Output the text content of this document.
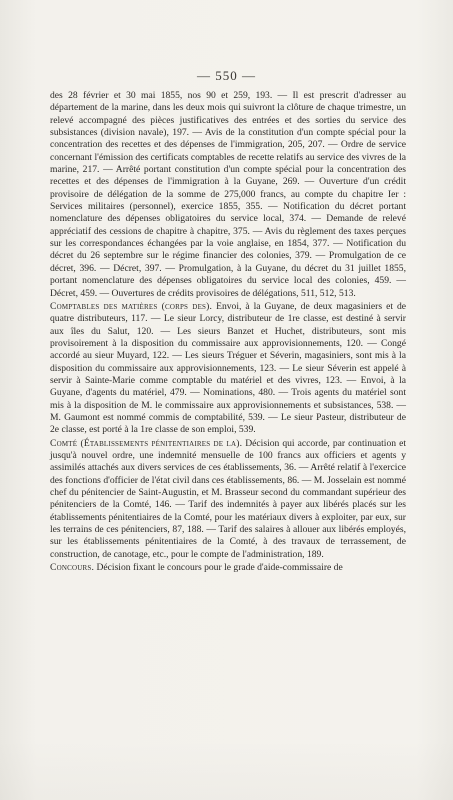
— 550 —

des 28 février et 30 mai 1855, nos 90 et 259, 193. — Il est prescrit d'adresser au département de la marine, dans les deux mois qui suivront la clôture de chaque trimestre, un relevé accompagné des pièces justificatives des entrées et des sorties du service des subsistances (division navale), 197. — Avis de la constitution d'un compte spécial pour la concentration des recettes et des dépenses de l'immigration, 205, 207. — Ordre de service concernant l'émission des certificats comptables de recette relatifs au service des vivres de la marine, 217. — Arrêté portant constitution d'un compte spécial pour la concentration des recettes et des dépenses de l'immigration à la Guyane, 269. — Ouverture d'un crédit provisoire de délégation de la somme de 275,000 francs, au compte du chapitre Ier : Services militaires (personnel), exercice 1855, 355. — Notification du décret portant nomenclature des dépenses obligatoires du service local, 374. — Demande de relevé appréciatif des cessions de chapitre à chapitre, 375. — Avis du règlement des taxes perçues sur les correspondances échangées par la voie anglaise, en 1854, 377. — Notification du décret du 26 septembre sur le régime financier des colonies, 379. — Promulgation de ce décret, 396. — Décret, 397. — Promulgation, à la Guyane, du décret du 31 juillet 1855, portant nomenclature des dépenses obligatoires du service local des colonies, 459. — Décret, 459. — Ouvertures de crédits provisoires de délégations, 511, 512, 513.

Comptables des matières (corps des). Envoi, à la Guyane, de deux magasiniers et de quatre distributeurs, 117. — Le sieur Lorcy, distributeur de 1re classe, est destiné à servir aux îles du Salut, 120. — Les sieurs Banzet et Huchet, distributeurs, sont mis provisoirement à la disposition du commissaire aux approvisionnements, 120. — Congé accordé au sieur Muyard, 122. — Les sieurs Tréguer et Séverin, magasiniers, sont mis à la disposition du commissaire aux approvisionnements, 123. — Le sieur Séverin est appelé à servir à Sainte-Marie comme comptable du matériel et des vivres, 123. — Envoi, à la Guyane, d'agents du matériel, 479. — Nominations, 480. — Trois agents du matériel sont mis à la disposition de M. le commissaire aux approvisionnements et subsistances, 538. — M. Gaumont est nommé commis de comptabilité, 539. — Le sieur Pasteur, distributeur de 2e classe, est porté à la 1re classe de son emploi, 539.

Comté (Établissements pénitentiaires de la). Décision qui accorde, par continuation et jusqu'à nouvel ordre, une indemnité mensuelle de 100 francs aux officiers et agents y assimilés attachés aux divers services de ces établissements, 36. — Arrêté relatif à l'exercice des fonctions d'officier de l'état civil dans ces établissements, 86. — M. Josselain est nommé chef du pénitencier de Saint-Augustin, et M. Brasseur second du commandant supérieur des pénitenciers de la Comté, 146. — Tarif des indemnités à payer aux libérés placés sur les établissements pénitentiaires de la Comté, pour les matériaux divers à exploiter, par eux, sur les terrains de ces pénitenciers, 87, 188. — Tarif des salaires à allouer aux libérés employés, sur les établissements pénitentiaires de la Comté, à des travaux de terrassement, de construction, de canotage, etc., pour le compte de l'administration, 189.

Concours. Décision fixant le concours pour le grade d'aide-commissaire de
